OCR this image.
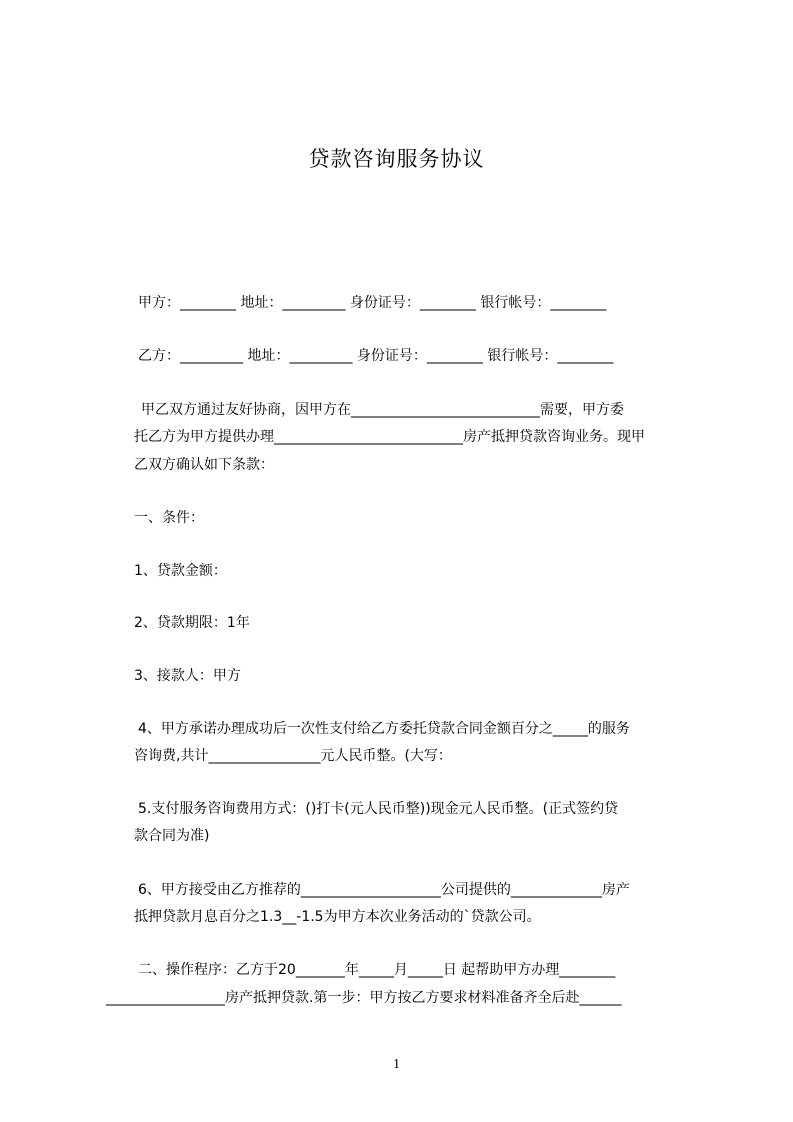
贷款咨询服务协议
甲方：________ 地址：_________ 身份证号：________ 银行帐号：________
乙方：_________ 地址：_________ 身份证号：________ 银行帐号：________
甲乙双方通过友好协商，因甲方在___________________________需要，甲方委
托乙方为甲方提供办理___________________________房产抵押贷款咨询业务。现甲
乙双方确认如下条款：
一、条件：
1、贷款金额：
2、贷款期限：1年
3、接款人：甲方
4、甲方承诺办理成功后一次性支付给乙方委托贷款合同金额百分之_____的服务
咨询费,共计________________元人民币整。(大写：
5.支付服务咨询费用方式：()打卡(元人民币整))现金元人民币整。(正式签约贷
款合同为准)
6、甲方接受由乙方推荐的____________________公司提供的_____________房产
抵押贷款月息百分之1.3__-1.5为甲方本次业务活动的`贷款公司。
二、操作程序：乙方于20_______年_____月_____日 起帮助甲方办理________
_________________房产抵押贷款.第一步：甲方按乙方要求材料准备齐全后赴______
1
